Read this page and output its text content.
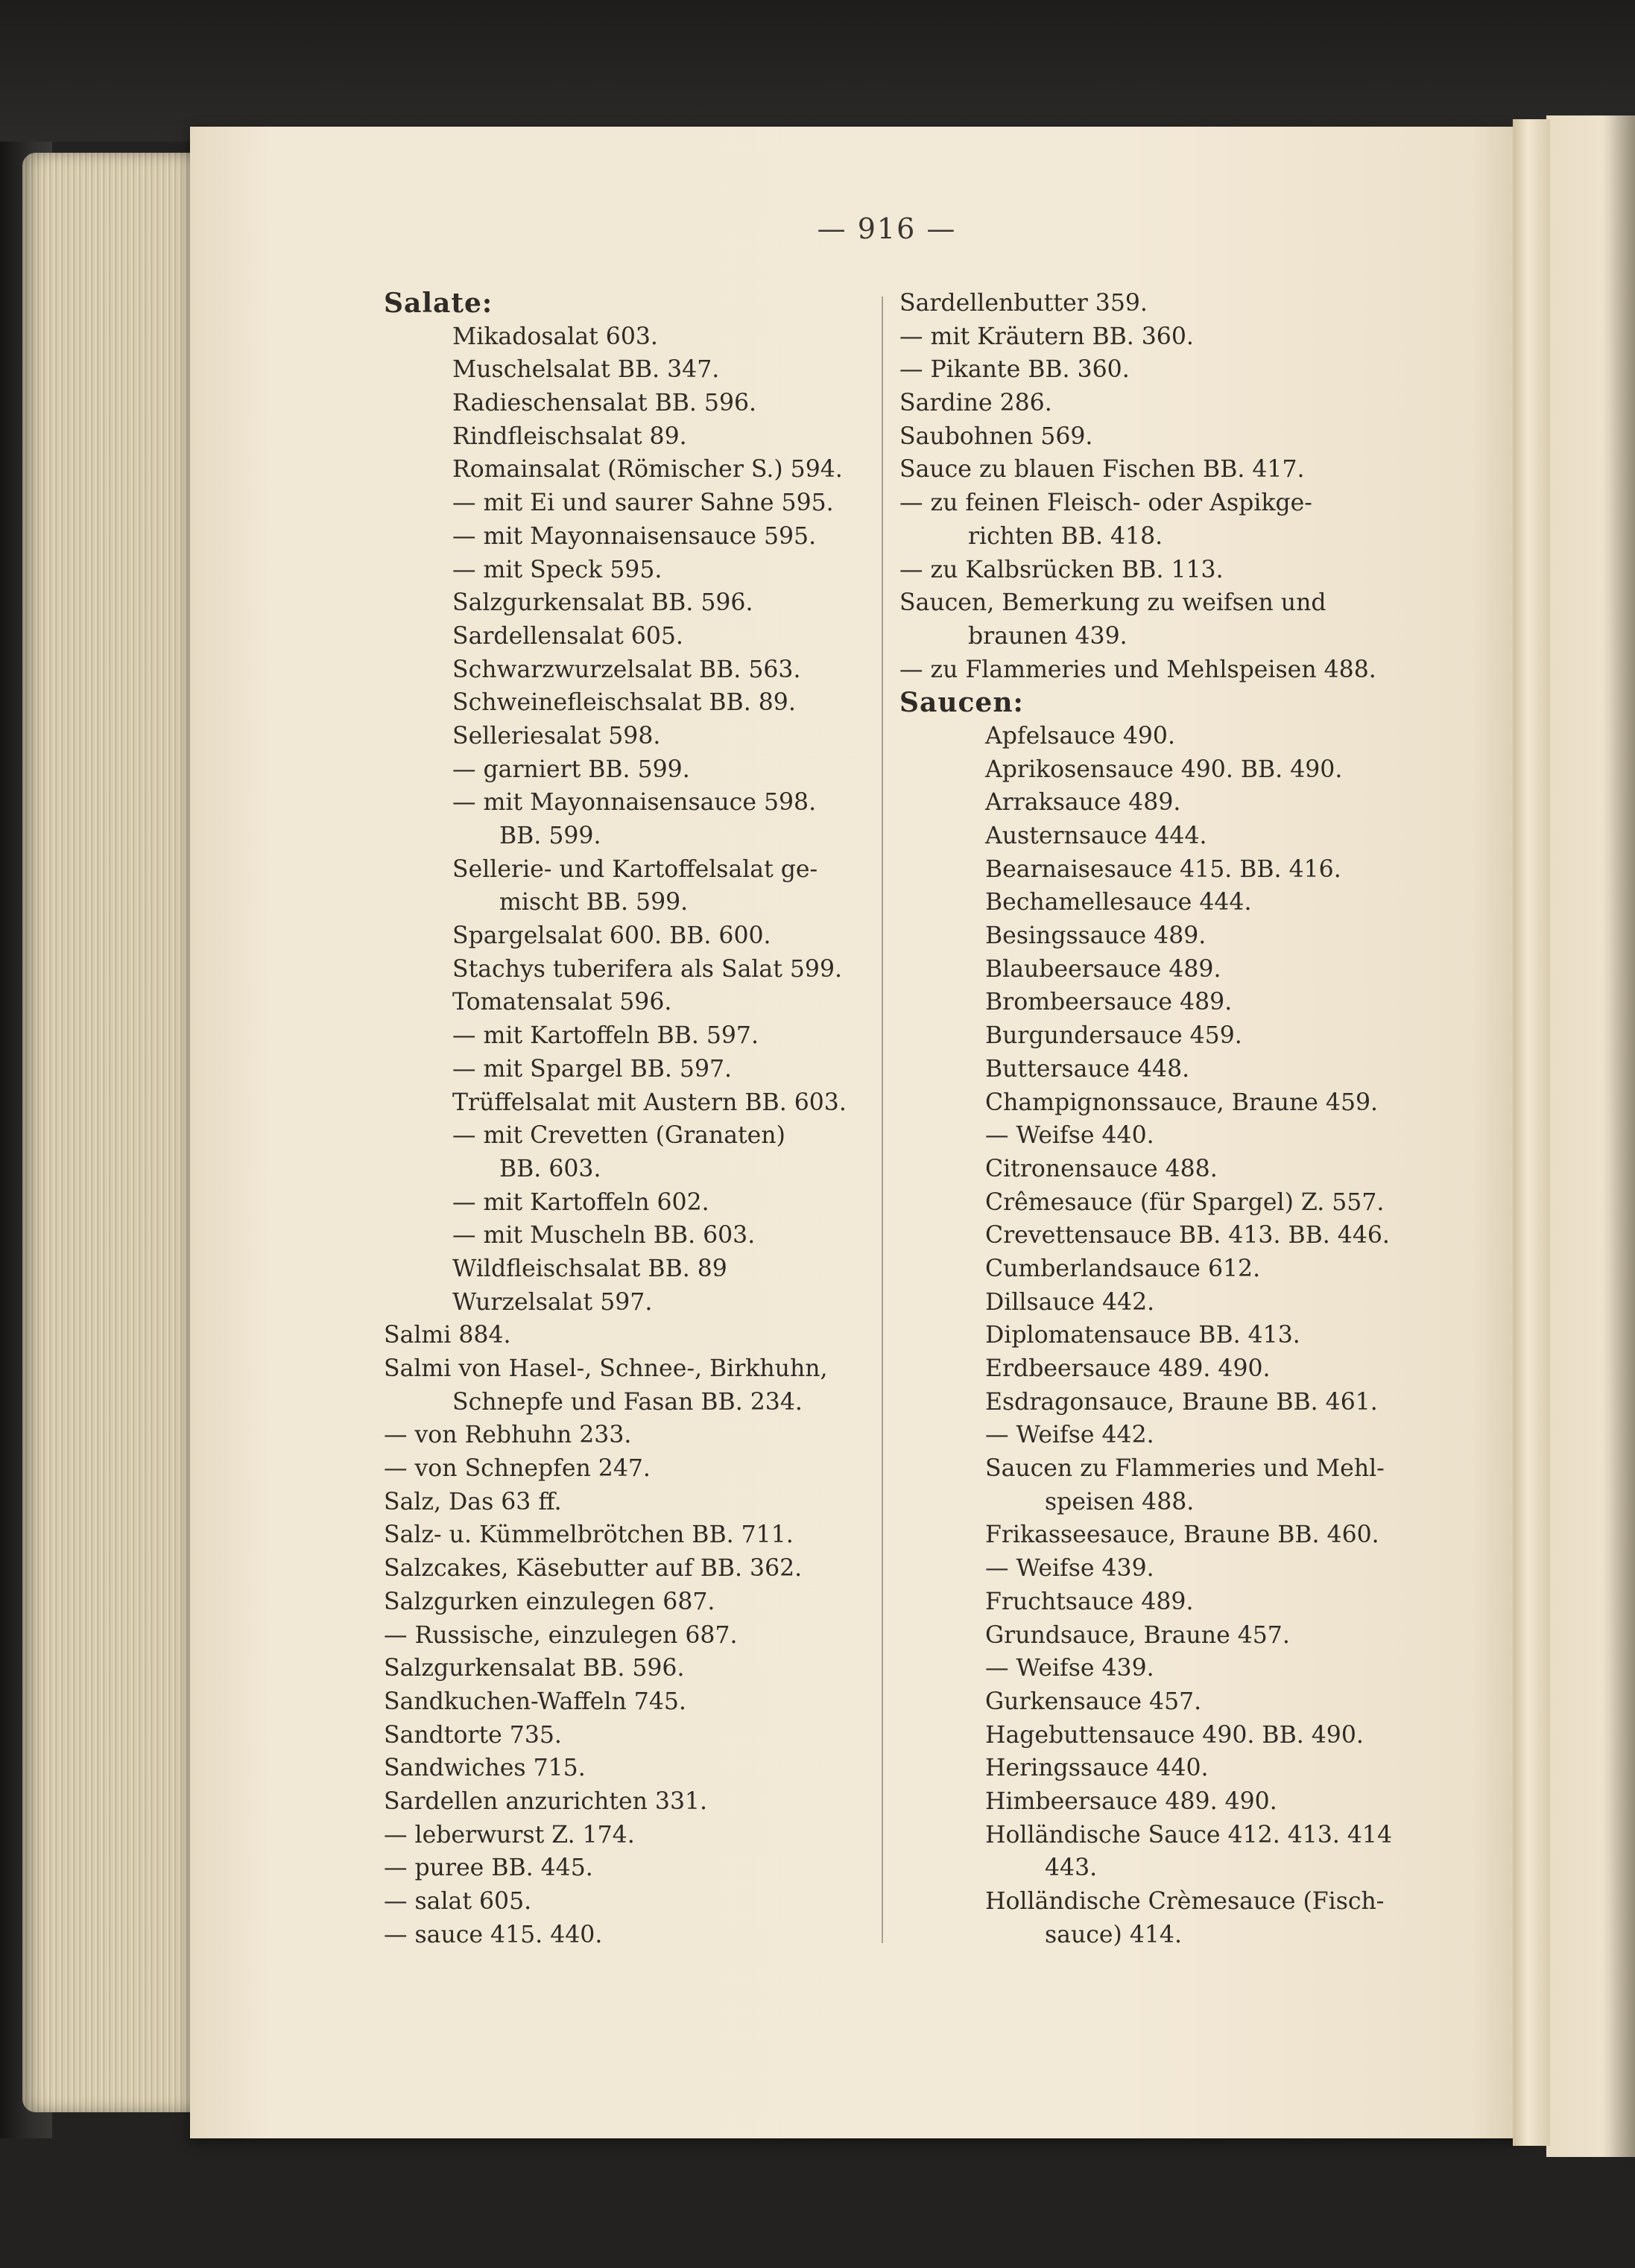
— 916 —
Salate:
Mikadosalat 603.
Muschelsalat BB. 347.
Radieschensalat BB. 596.
Rindfleischsalat 89.
Romainsalat (Römischer S.) 594.
— mit Ei und saurer Sahne 595.
— mit Mayonnaisensauce 595.
— mit Speck 595.
Salzgurkensalat BB. 596.
Sardellensalat 605.
Schwarzwurzelsalat BB. 563.
Schweinefleischsalat BB. 89.
Selleriesalat 598.
— garniert BB. 599.
— mit Mayonnaisensauce 598.
BB. 599.
Sellerie- und Kartoffelsalat ge-
mischt BB. 599.
Spargelsalat 600. BB. 600.
Stachys tuberifera als Salat 599.
Tomatensalat 596.
— mit Kartoffeln BB. 597.
— mit Spargel BB. 597.
Trüffelsalat mit Austern BB. 603.
— mit Crevetten (Granaten)
BB. 603.
— mit Kartoffeln 602.
— mit Muscheln BB. 603.
Wildfleischsalat BB. 89
Wurzelsalat 597.
Salmi 884.
Salmi von Hasel-, Schnee-, Birkhuhn,
Schnepfe und Fasan BB. 234.
— von Rebhuhn 233.
— von Schnepfen 247.
Salz, Das 63 ff.
Salz- u. Kümmelbrötchen BB. 711.
Salzcakes, Käsebutter auf BB. 362.
Salzgurken einzulegen 687.
— Russische, einzulegen 687.
Salzgurkensalat BB. 596.
Sandkuchen-Waffeln 745.
Sandtorte 735.
Sandwiches 715.
Sardellen anzurichten 331.
— leberwurst Z. 174.
— puree BB. 445.
— salat 605.
— sauce 415. 440.
Sardellenbutter 359.
— mit Kräutern BB. 360.
— Pikante BB. 360.
Sardine 286.
Saubohnen 569.
Sauce zu blauen Fischen BB. 417.
— zu feinen Fleisch- oder Aspikge-
richten BB. 418.
— zu Kalbsrücken BB. 113.
Saucen, Bemerkung zu weifsen und
braunen 439.
— zu Flammeries und Mehlspeisen 488.
Saucen:
Apfelsauce 490.
Aprikosensauce 490. BB. 490.
Arraksauce 489.
Austernsauce 444.
Bearnaisesauce 415. BB. 416.
Bechamellesauce 444.
Besingssauce 489.
Blaubeersauce 489.
Brombeersauce 489.
Burgundersauce 459.
Buttersauce 448.
Champignonssauce, Braune 459.
— Weifse 440.
Citronensauce 488.
Crêmesauce (für Spargel) Z. 557.
Crevettensauce BB. 413. BB. 446.
Cumberlandsauce 612.
Dillsauce 442.
Diplomatensauce BB. 413.
Erdbeersauce 489. 490.
Esdragonsauce, Braune BB. 461.
— Weifse 442.
Saucen zu Flammeries und Mehl-
speisen 488.
Frikasseesauce, Braune BB. 460.
— Weifse 439.
Fruchtsauce 489.
Grundsauce, Braune 457.
— Weifse 439.
Gurkensauce 457.
Hagebuttensauce 490. BB. 490.
Heringssauce 440.
Himbeersauce 489. 490.
Holländische Sauce 412. 413. 414
443.
Holländische Crèmesauce (Fisch-
sauce) 414.
